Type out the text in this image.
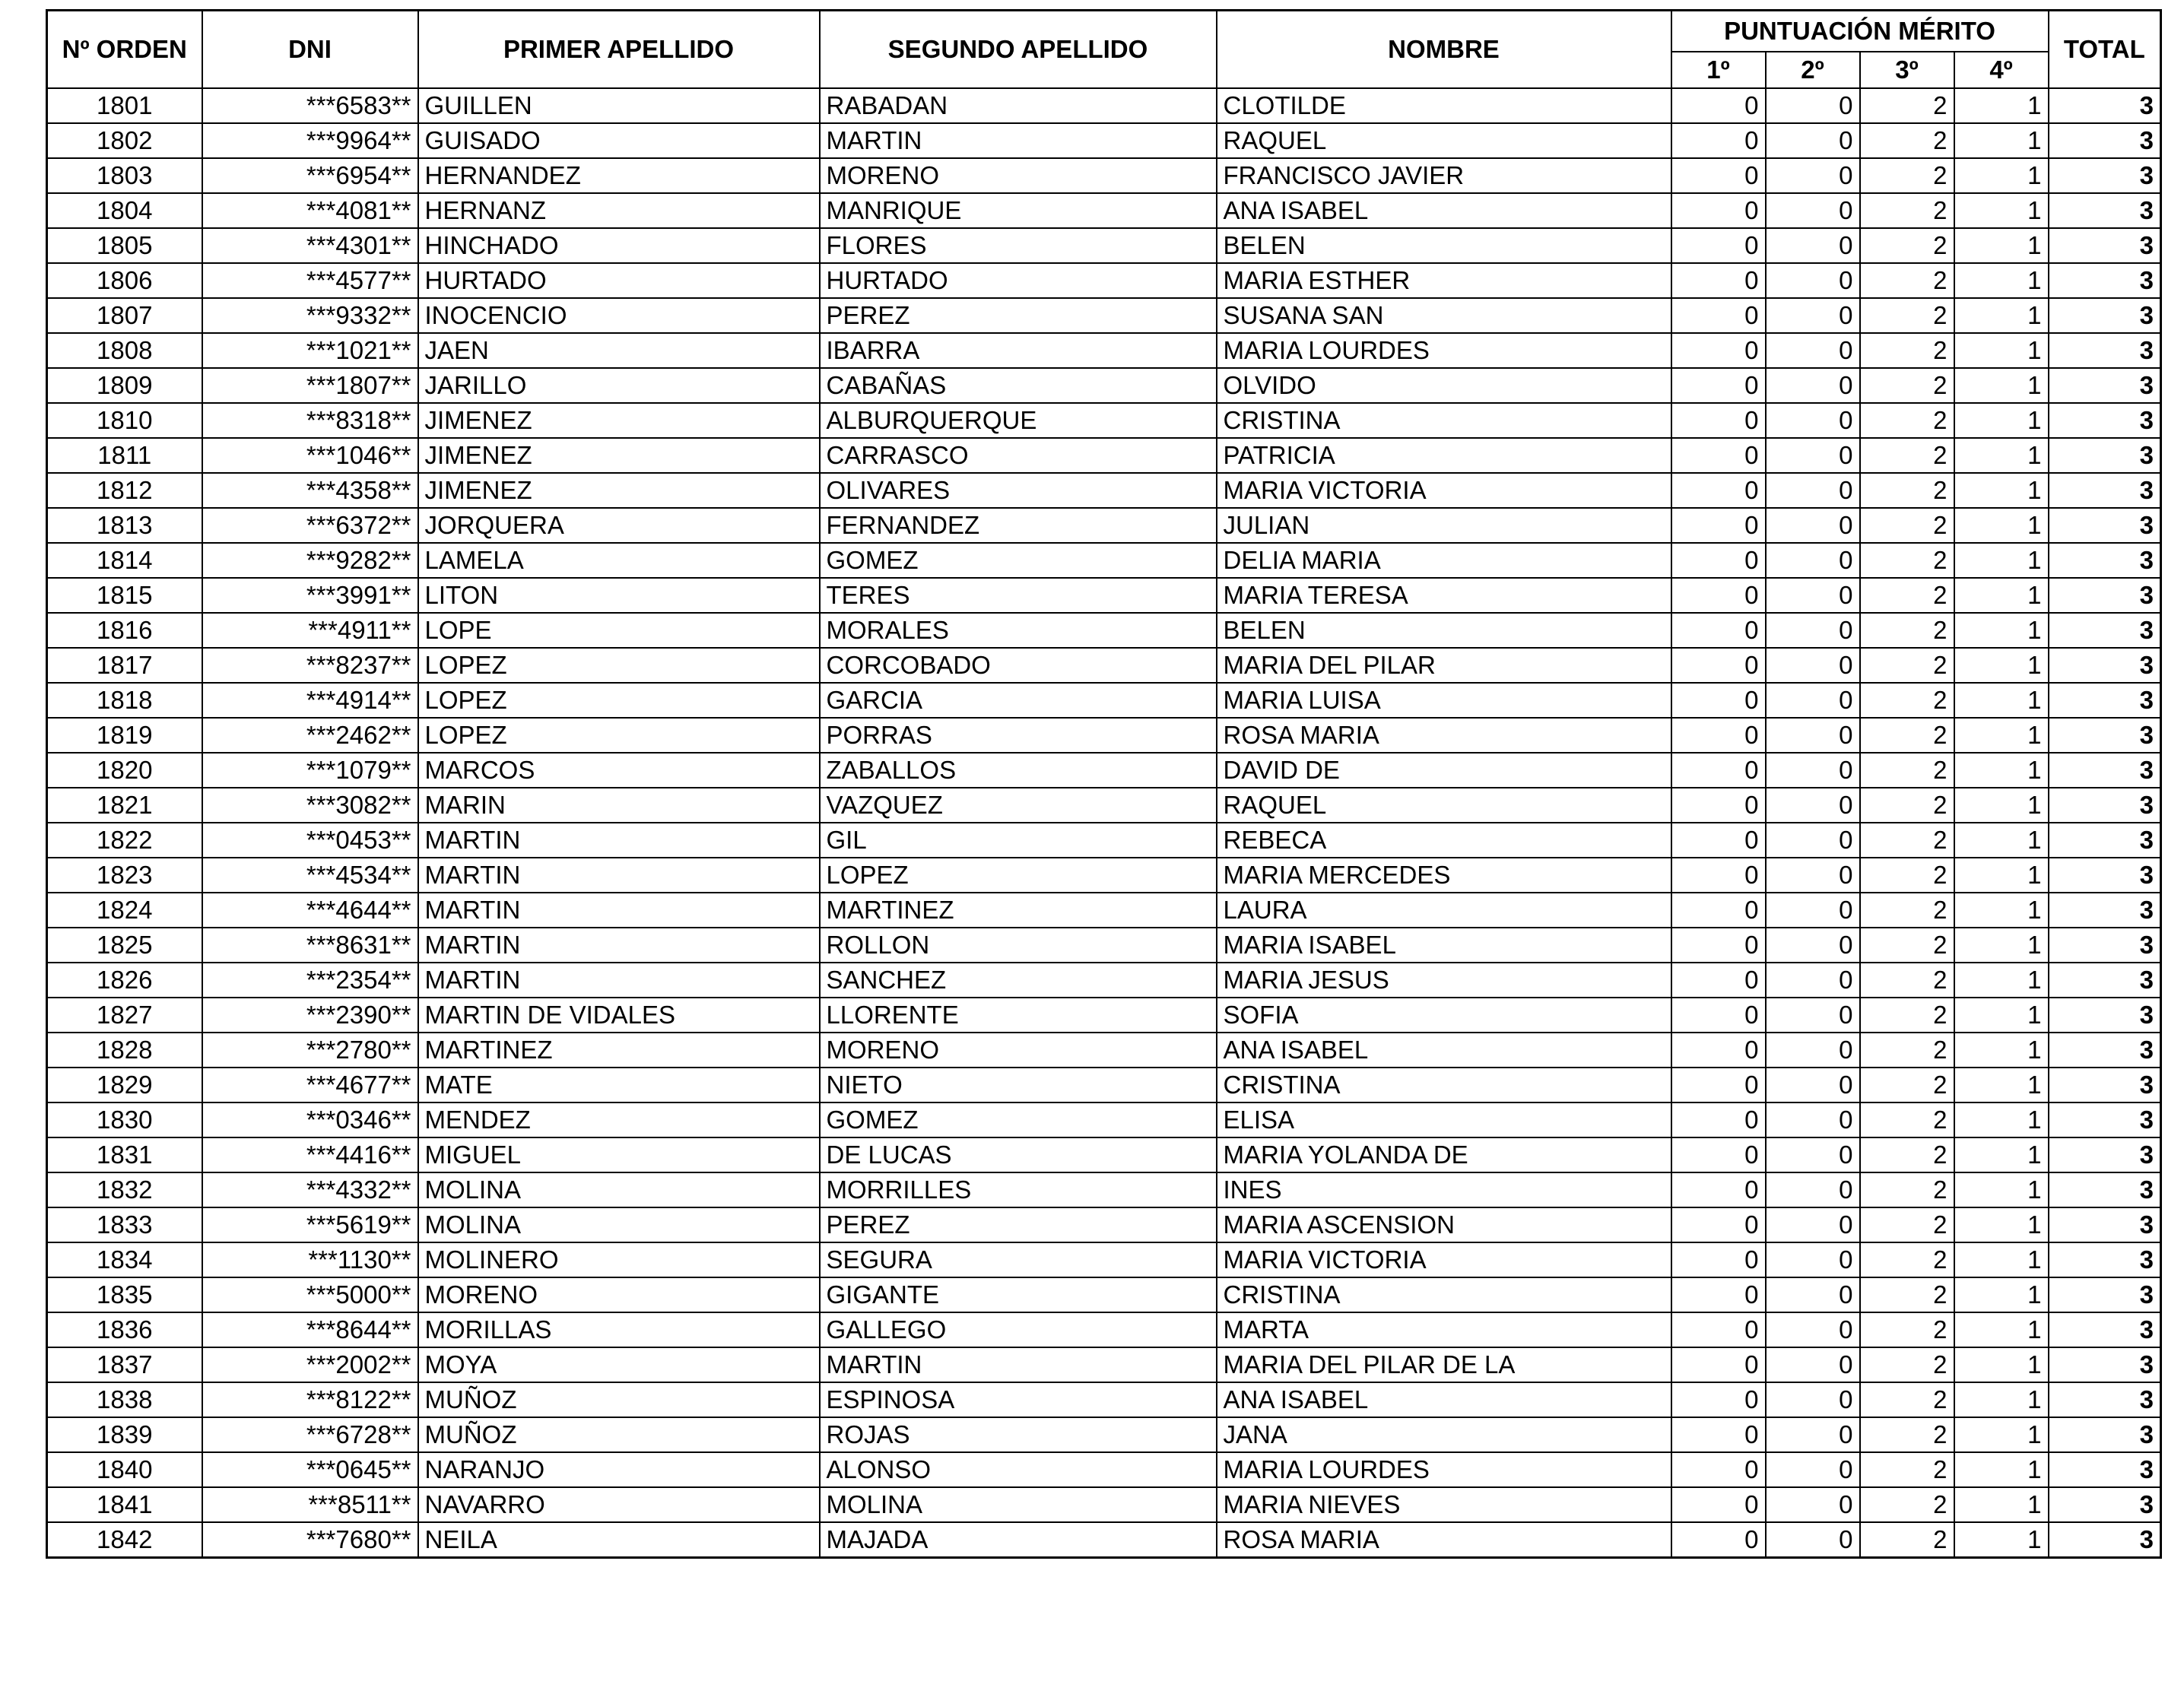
Nº ORDEN	DNI	PRIMER APELLIDO	SEGUNDO APELLIDO	NOMBRE	PUNTUACIÓN MÉRITO				TOTAL
					1º	2º	3º	4º	
1801	***6583**	GUILLEN	RABADAN	CLOTILDE	0	0	2	1	3
1802	***9964**	GUISADO	MARTIN	RAQUEL	0	0	2	1	3
1803	***6954**	HERNANDEZ	MORENO	FRANCISCO JAVIER	0	0	2	1	3
1804	***4081**	HERNANZ	MANRIQUE	ANA ISABEL	0	0	2	1	3
1805	***4301**	HINCHADO	FLORES	BELEN	0	0	2	1	3
1806	***4577**	HURTADO	HURTADO	MARIA ESTHER	0	0	2	1	3
1807	***9332**	INOCENCIO	PEREZ	SUSANA SAN	0	0	2	1	3
1808	***1021**	JAEN	IBARRA	MARIA LOURDES	0	0	2	1	3
1809	***1807**	JARILLO	CABAÑAS	OLVIDO	0	0	2	1	3
1810	***8318**	JIMENEZ	ALBURQUERQUE	CRISTINA	0	0	2	1	3
1811	***1046**	JIMENEZ	CARRASCO	PATRICIA	0	0	2	1	3
1812	***4358**	JIMENEZ	OLIVARES	MARIA VICTORIA	0	0	2	1	3
1813	***6372**	JORQUERA	FERNANDEZ	JULIAN	0	0	2	1	3
1814	***9282**	LAMELA	GOMEZ	DELIA MARIA	0	0	2	1	3
1815	***3991**	LITON	TERES	MARIA TERESA	0	0	2	1	3
1816	***4911**	LOPE	MORALES	BELEN	0	0	2	1	3
1817	***8237**	LOPEZ	CORCOBADO	MARIA DEL PILAR	0	0	2	1	3
1818	***4914**	LOPEZ	GARCIA	MARIA LUISA	0	0	2	1	3
1819	***2462**	LOPEZ	PORRAS	ROSA MARIA	0	0	2	1	3
1820	***1079**	MARCOS	ZABALLOS	DAVID DE	0	0	2	1	3
1821	***3082**	MARIN	VAZQUEZ	RAQUEL	0	0	2	1	3
1822	***0453**	MARTIN	GIL	REBECA	0	0	2	1	3
1823	***4534**	MARTIN	LOPEZ	MARIA MERCEDES	0	0	2	1	3
1824	***4644**	MARTIN	MARTINEZ	LAURA	0	0	2	1	3
1825	***8631**	MARTIN	ROLLON	MARIA ISABEL	0	0	2	1	3
1826	***2354**	MARTIN	SANCHEZ	MARIA JESUS	0	0	2	1	3
1827	***2390**	MARTIN DE VIDALES	LLORENTE	SOFIA	0	0	2	1	3
1828	***2780**	MARTINEZ	MORENO	ANA ISABEL	0	0	2	1	3
1829	***4677**	MATE	NIETO	CRISTINA	0	0	2	1	3
1830	***0346**	MENDEZ	GOMEZ	ELISA	0	0	2	1	3
1831	***4416**	MIGUEL	DE LUCAS	MARIA YOLANDA DE	0	0	2	1	3
1832	***4332**	MOLINA	MORRILLES	INES	0	0	2	1	3
1833	***5619**	MOLINA	PEREZ	MARIA ASCENSION	0	0	2	1	3
1834	***1130**	MOLINERO	SEGURA	MARIA VICTORIA	0	0	2	1	3
1835	***5000**	MORENO	GIGANTE	CRISTINA	0	0	2	1	3
1836	***8644**	MORILLAS	GALLEGO	MARTA	0	0	2	1	3
1837	***2002**	MOYA	MARTIN	MARIA DEL PILAR DE LA	0	0	2	1	3
1838	***8122**	MUÑOZ	ESPINOSA	ANA ISABEL	0	0	2	1	3
1839	***6728**	MUÑOZ	ROJAS	JANA	0	0	2	1	3
1840	***0645**	NARANJO	ALONSO	MARIA LOURDES	0	0	2	1	3
1841	***8511**	NAVARRO	MOLINA	MARIA NIEVES	0	0	2	1	3
1842	***7680**	NEILA	MAJADA	ROSA MARIA	0	0	2	1	3
